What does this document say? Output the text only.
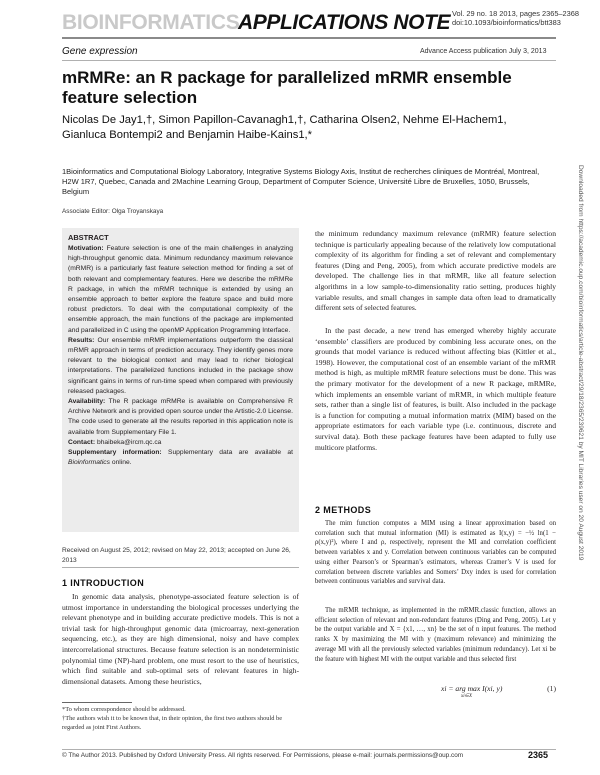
BIOINFORMATICS
APPLICATIONS NOTE Vol. 29 no. 18 2013, pages 2365–2368
doi:10.1093/bioinformatics/btt383
Gene expression	Advance Access publication July 3, 2013
mRMRe: an R package for parallelized mRMR ensemble feature selection
Nicolas De Jay1,†, Simon Papillon-Cavanagh1,†, Catharina Olsen2, Nehme El-Hachem1, Gianluca Bontempi2 and Benjamin Haibe-Kains1,*
1Bioinformatics and Computational Biology Laboratory, Integrative Systems Biology Axis, Institut de recherches cliniques de Montréal, Montreal, H2W 1R7, Quebec, Canada and 2Machine Learning Group, Department of Computer Science, Université Libre de Bruxelles, 1050, Brussels, Belgium
Associate Editor: Olga Troyanskaya
ABSTRACT

Motivation: Feature selection is one of the main challenges in analyzing high-throughput genomic data. Minimum redundancy maximum relevance (mRMR) is a particularly fast feature selection method for finding a set of both relevant and complementary features. Here we describe the mRMRe R package, in which the mRMR technique is extended by using an ensemble approach to better explore the feature space and build more robust predictors. To deal with the computational complexity of the ensemble approach, the main functions of the package are implemented and parallelized in C using the openMP Application Programming Interface.

Results: Our ensemble mRMR implementations outperform the classical mRMR approach in terms of prediction accuracy. They identify genes more relevant to the biological context and may lead to richer biological interpretations. The parallelized functions included in the package show significant gains in terms of run-time speed when compared with previously released packages.

Availability: The R package mRMRe is available on Comprehensive R Archive Network and is provided open source under the Artistic-2.0 License. The code used to generate all the results reported in this application note is available from Supplementary File 1.

Contact: bhaibeka@ircm.qc.ca

Supplementary information: Supplementary data are available at Bioinformatics online.

Received on August 25, 2012; revised on May 22, 2013; accepted on June 26, 2013
1 INTRODUCTION

In genomic data analysis, phenotype-associated feature selection is of utmost importance in understanding the biological processes underlying the relevant phenotype and in building accurate predictive models. This is not a trivial task for high-throughput genomic data (microarray, next-generation sequencing, etc.), as they are high dimensional, noisy and have complex intercorrelational structures. Because feature selection is an nondeterministic polynomial time (NP)-hard problem, one must resort to the use of heuristics, which find suitable and sub-optimal sets of relevant features in high-dimensional datasets. Among these heuristics,

*To whom correspondence should be addressed.
†The authors wish it to be known that, in their opinion, the first two authors should be regarded as joint First Authors.

the minimum redundancy maximum relevance (mRMR) feature selection technique is particularly appealing because of the relatively low computational complexity of its algorithm for finding a set of relevant and complementary features (Ding and Peng, 2005), from which accurate predictive models are developed. The challenge lies in that mRMR, like all feature selection algorithms in a low sample-to-dimensionality ratio setting, produces highly variable results, and small changes in sample data often lead to dramatically different sets of selected features.

In the past decade, a new trend has emerged whereby highly accurate ‘ensemble’ classifiers are produced by combining less accurate ones, on the grounds that model variance is reduced without affecting bias (Kittler et al., 1998). However, the computational cost of an ensemble variant of the mRMR method is high, as multiple mRMR feature selections must be done. This was the primary motivator for the development of a new R package, mRMRe, which implements an ensemble variant of mRMR, in which multiple feature sets, rather than a single list of features, is built. Also included in the package is a function for computing a mutual information matrix (MIM) based on the appropriate estimators for each variable type (i.e. continuous, discrete and survival data). Both these package features have been adapted to fully use multicore platforms.

2 METHODS

The mim function computes a MIM using a linear approximation based on correlation such that mutual information (MI) is estimated as I(x,y) = −½ ln(1 − ρ(x,y)²), where I and ρ, respectively, represent the MI and correlation coefficient between variables x and y. Correlation between continuous variables can be computed using either Pearson’s or Spearman’s estimators, whereas Cramer’s V is used for correlation between discrete variables and Somers’ Dxy index is used for correlation between continuous variables and survival data.

The mRMR technique, as implemented in the mRMR.classic function, allows an efficient selection of relevant and non-redundant features (Ding and Peng, 2005). Let y be the output variable and X = {x1, …, xn} be the set of n input features. The method ranks X by maximizing the MI with y (maximum relevance) and minimizing the average MI with all the previously selected variables (minimum redundancy). Let xi be the feature with highest MI with the output variable and thus selected first

xi = arg max I(xi, y)
xi∈X
(1)
© The Author 2013. Published by Oxford University Press. All rights reserved. For Permissions, please e-mail: journals.permissions@oup.com	2365
Downloaded from https://academic.oup.com/bioinformatics/article-abstract/29/18/2365/239621 by MIT Libraries user on 20 August 2019
